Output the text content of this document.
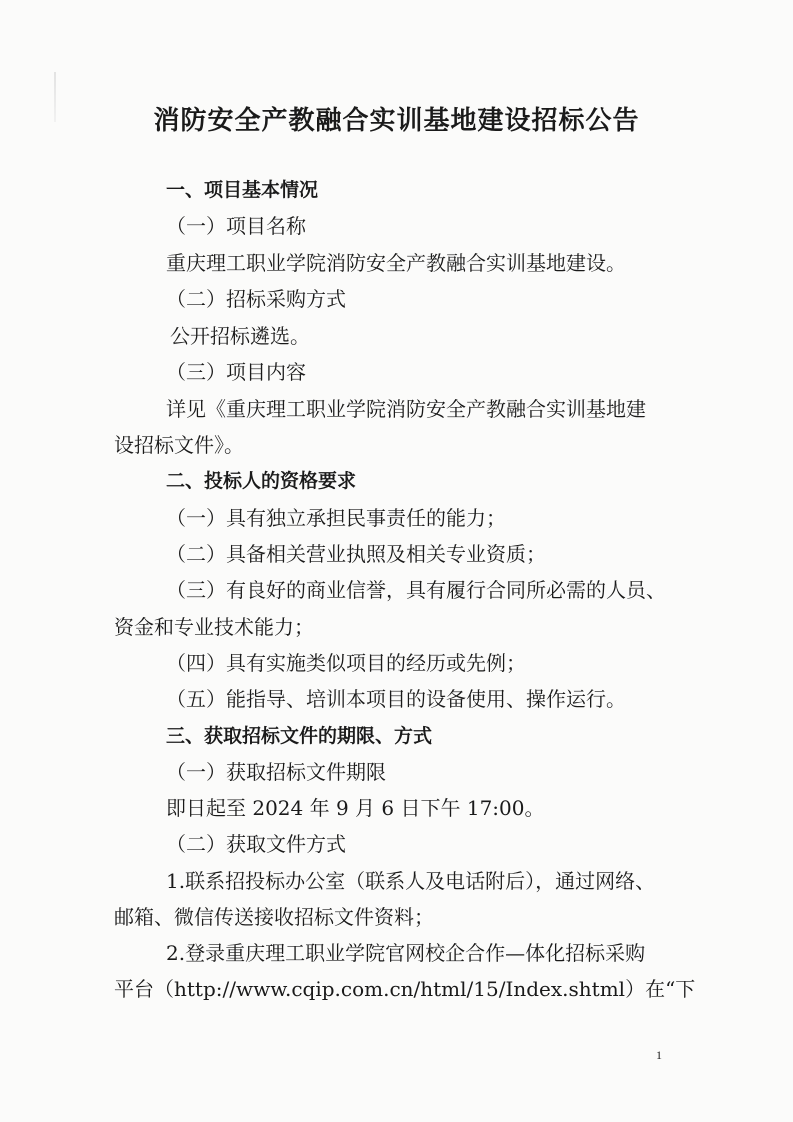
消防安全产教融合实训基地建设招标公告
一、项目基本情况
（一）项目名称
重庆理工职业学院消防安全产教融合实训基地建设。
（二）招标采购方式
公开招标遴选。
（三）项目内容
详见《重庆理工职业学院消防安全产教融合实训基地建
设招标文件》。
二、投标人的资格要求
（一）具有独立承担民事责任的能力；
（二）具备相关营业执照及相关专业资质；
（三）有良好的商业信誉，具有履行合同所必需的人员、
资金和专业技术能力；
（四）具有实施类似项目的经历或先例；
（五）能指导、培训本项目的设备使用、操作运行。
三、获取招标文件的期限、方式
（一）获取招标文件期限
即日起至 2024 年 9 月 6 日下午 17:00。
（二）获取文件方式
1.联系招投标办公室（联系人及电话附后），通过网络、
邮箱、微信传送接收招标文件资料；
2.登录重庆理工职业学院官网校企合作—体化招标采购
平台（http://www.cqip.com.cn/html/15/Index.shtml）在“下
1
